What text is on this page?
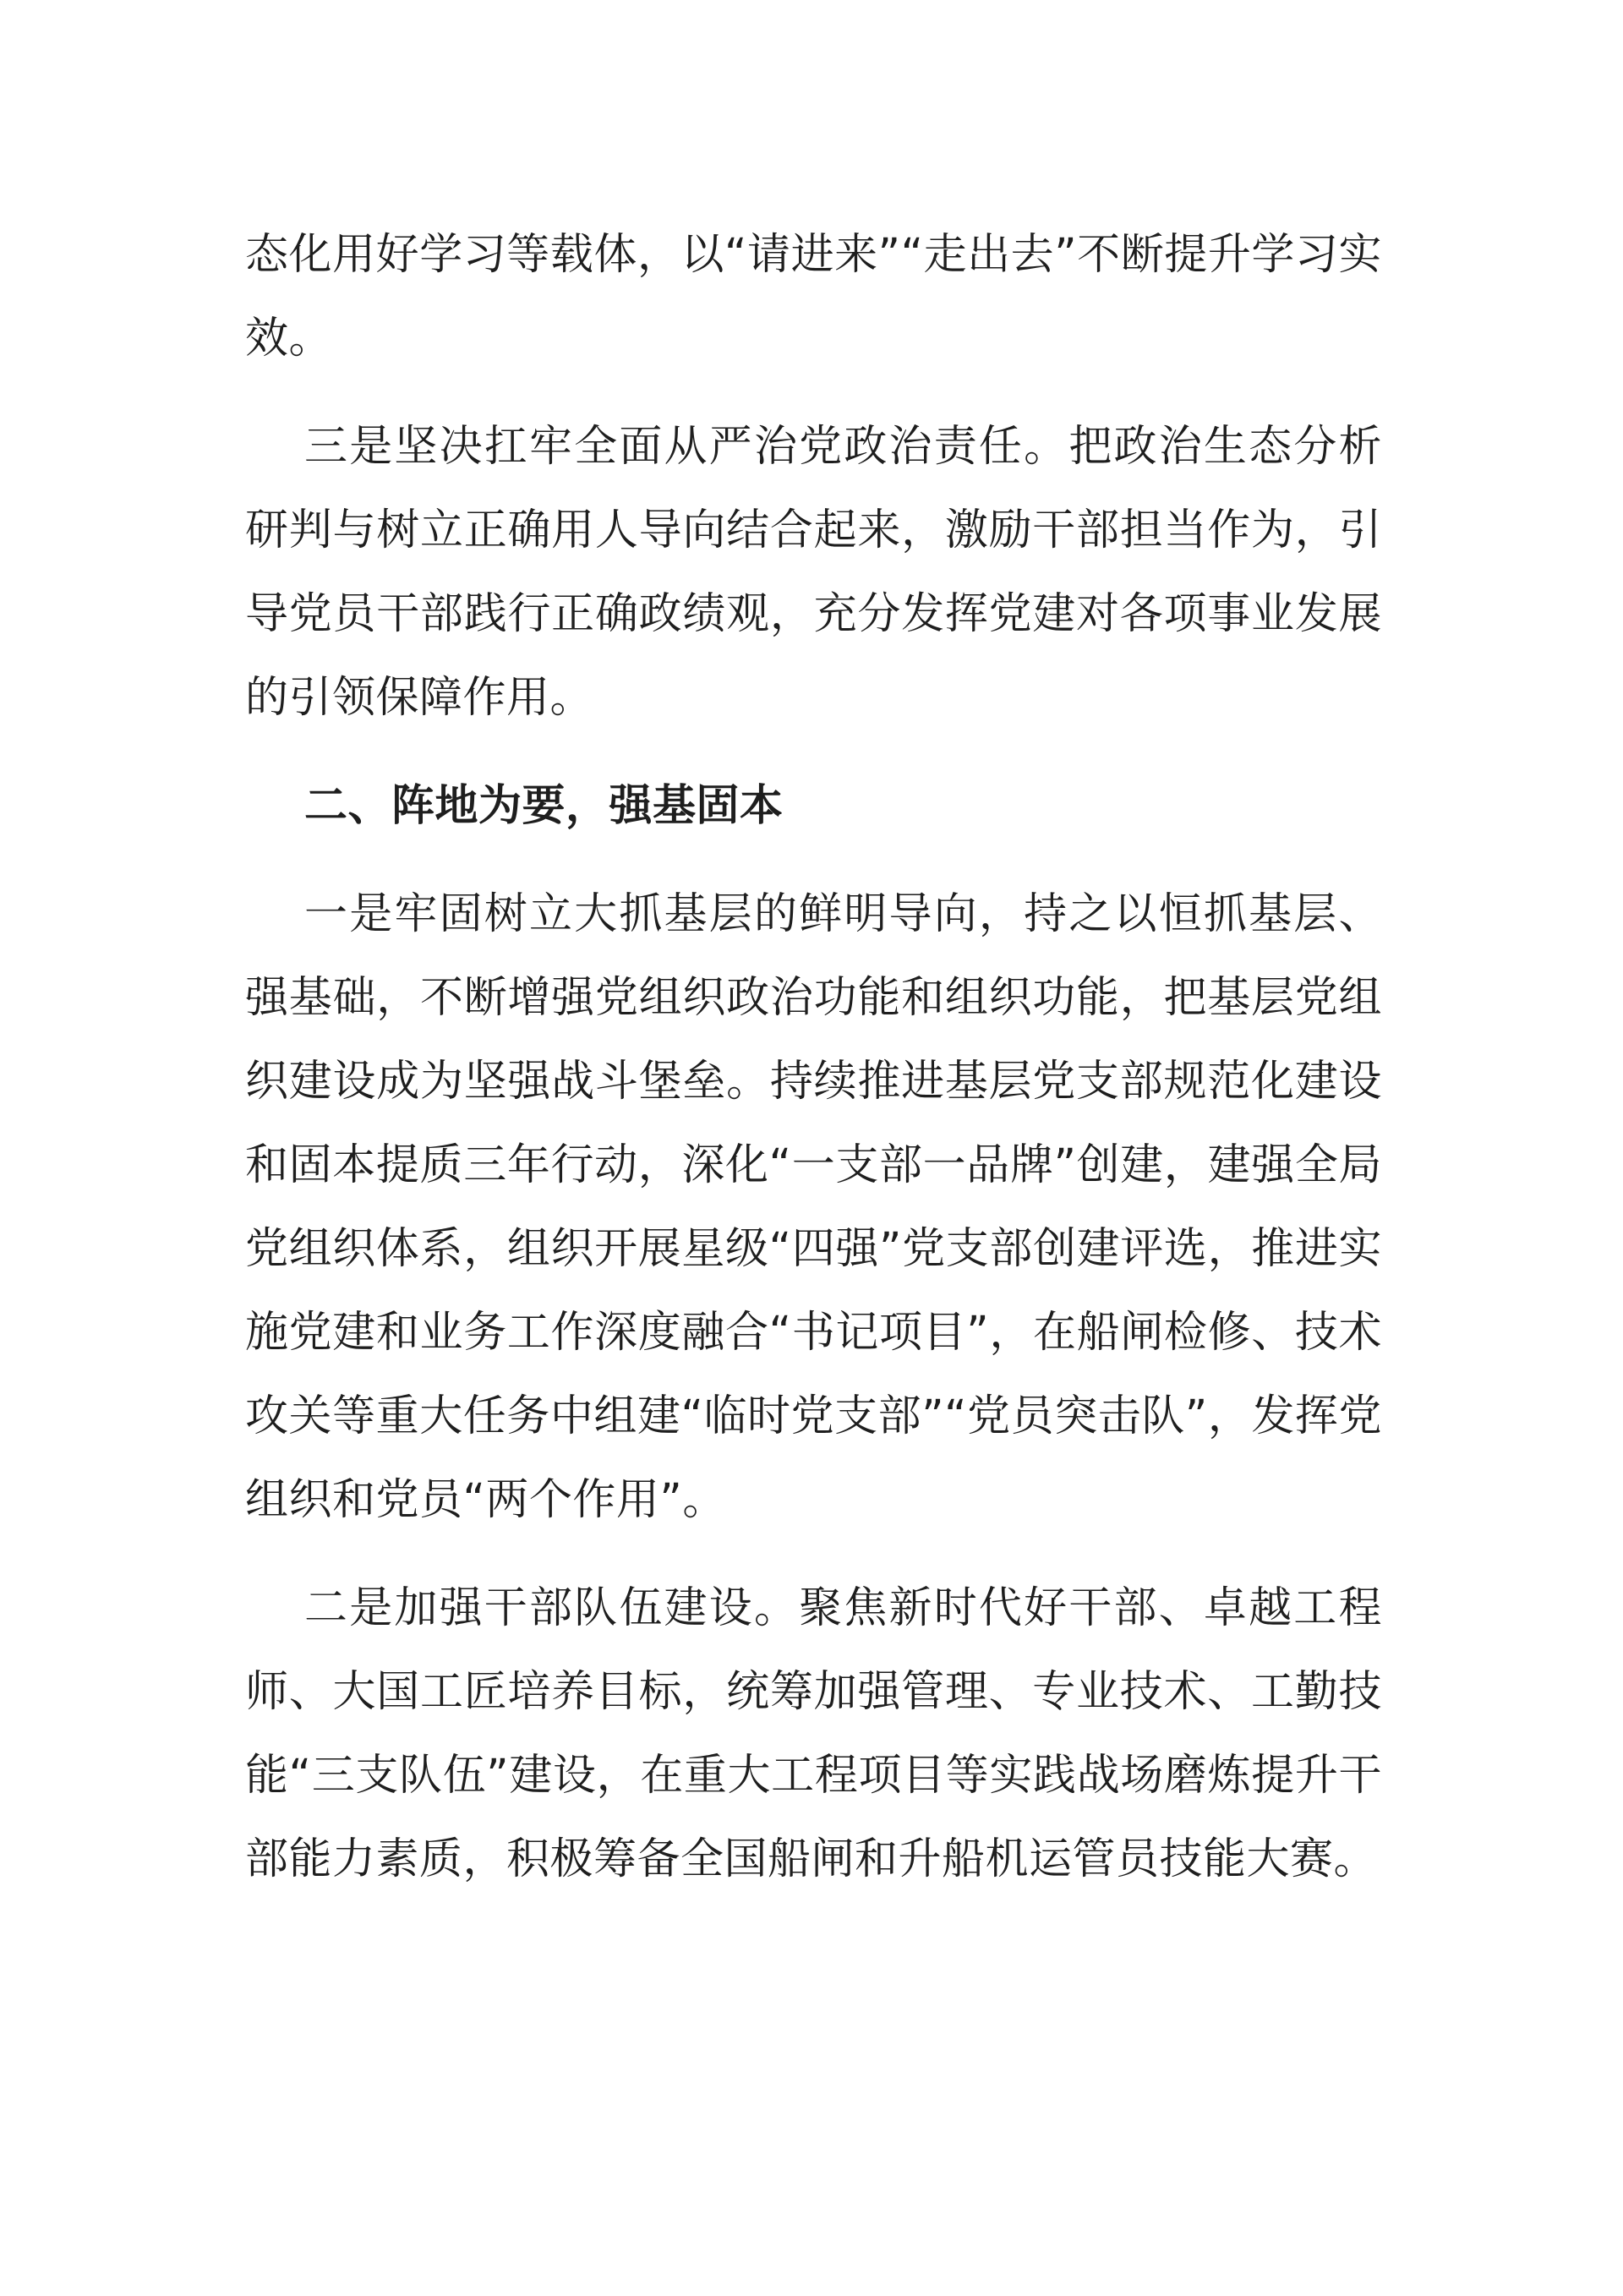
态化用好学习等载体，以“请进来”“走出去”不断提升学习实效。

三是坚决扛牢全面从严治党政治责任。把政治生态分析研判与树立正确用人导向结合起来，激励干部担当作为，引导党员干部践行正确政绩观，充分发挥党建对各项事业发展的引领保障作用。

二、阵地为要，强基固本

一是牢固树立大抓基层的鲜明导向，持之以恒抓基层、强基础，不断增强党组织政治功能和组织功能，把基层党组织建设成为坚强战斗堡垒。持续推进基层党支部规范化建设和固本提质三年行动，深化“一支部一品牌”创建，建强全局党组织体系，组织开展星级“四强”党支部创建评选，推进实施党建和业务工作深度融合“书记项目”，在船闸检修、技术攻关等重大任务中组建“临时党支部”“党员突击队”，发挥党组织和党员“两个作用”。

二是加强干部队伍建设。聚焦新时代好干部、卓越工程师、大国工匠培养目标，统筹加强管理、专业技术、工勤技能“三支队伍”建设，在重大工程项目等实践战场磨炼提升干部能力素质，积极筹备全国船闸和升船机运管员技能大赛。
